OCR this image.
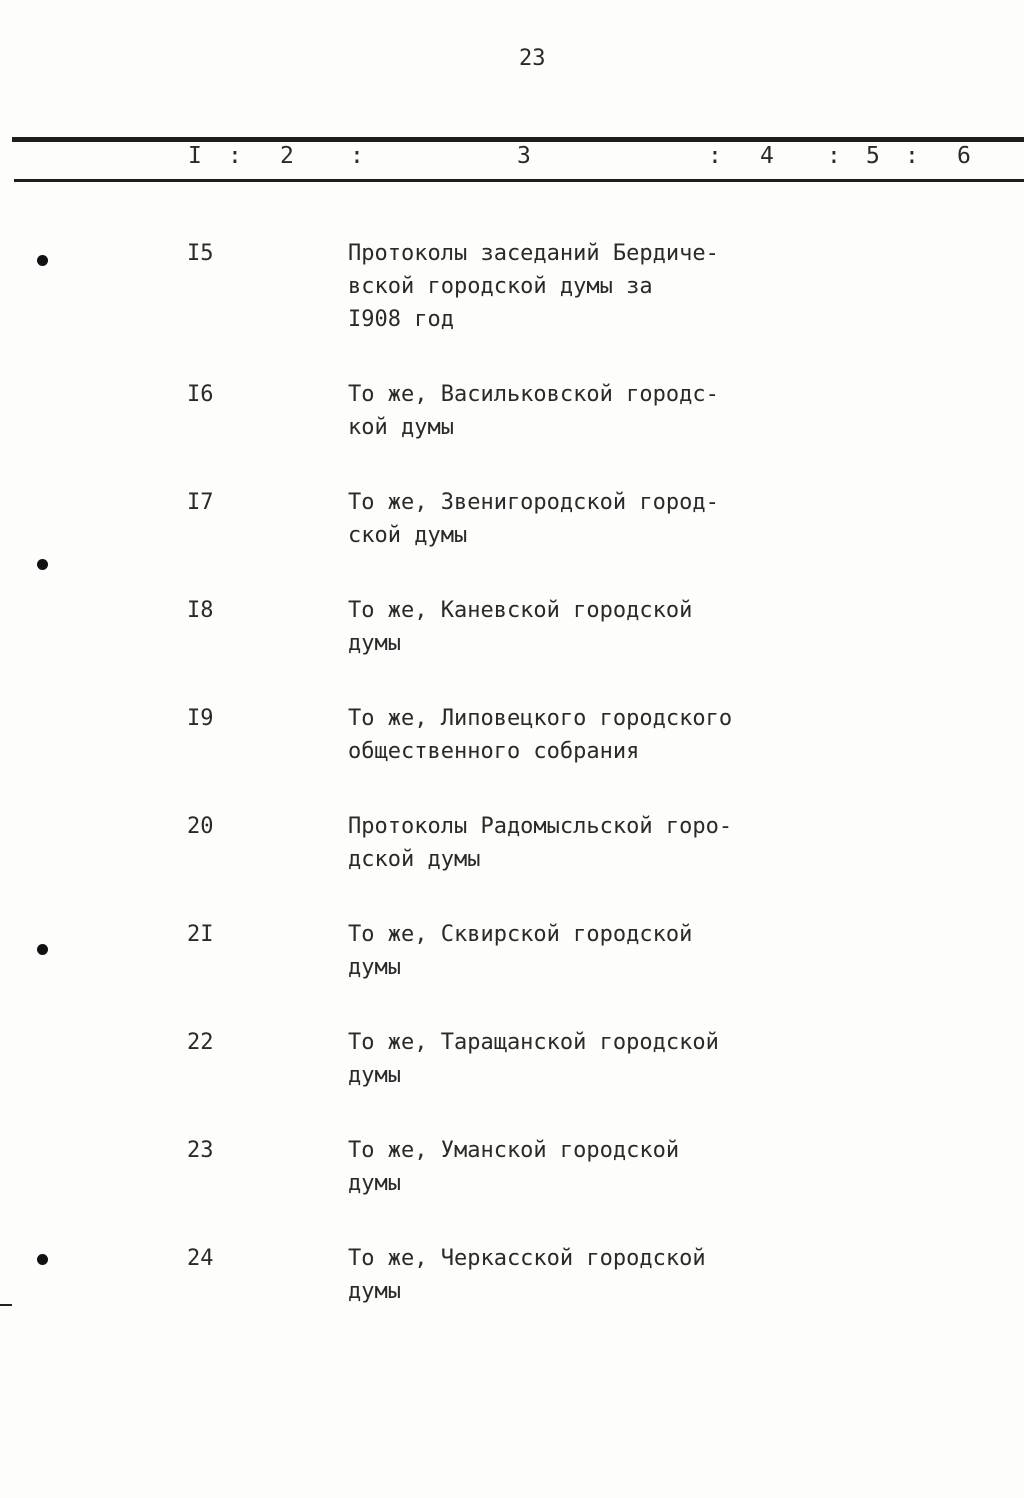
23
I : 2 :	3	: 4 : 5 : 6
I5	Протоколы заседаний Бердиче-
вской городской думы за
I908 год
I6	То же, Васильковской городс-
кой думы
I7	То же, Звенигородской город-
ской думы
I8	То же, Каневской городской
думы
I9	То же, Липовецкого городского
общественного собрания
20	Протоколы Радомысльской горо-
дской думы
2I	То же, Сквирской городской
думы
22	То же, Таращанской городской
думы
23	То же, Уманской городской
думы
24	То же, Черкасской городской
думы
